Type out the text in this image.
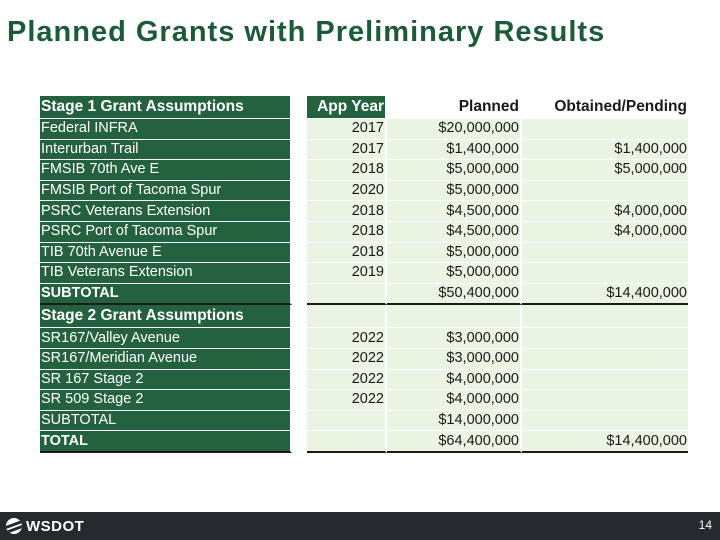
Planned Grants with Preliminary Results
Stage 1 Grant Assumptions		App Year	Planned	Obtained/Pending
Federal INFRA		2017	$20,000,000	
Interurban Trail		2017	$1,400,000	$1,400,000
FMSIB 70th Ave E		2018	$5,000,000	$5,000,000
FMSIB Port of Tacoma Spur		2020	$5,000,000	
PSRC Veterans Extension		2018	$4,500,000	$4,000,000
PSRC Port of Tacoma Spur		2018	$4,500,000	$4,000,000
TIB 70th Avenue E		2018	$5,000,000	
TIB Veterans Extension		2019	$5,000,000	
SUBTOTAL			$50,400,000	$14,400,000
Stage 2 Grant Assumptions				
SR167/Valley Avenue		2022	$3,000,000	
SR167/Meridian Avenue		2022	$3,000,000	
SR 167 Stage 2		2022	$4,000,000	
SR 509 Stage 2		2022	$4,000,000	
SUBTOTAL			$14,000,000	
TOTAL			$64,400,000	$14,400,000
WSDOT	14
